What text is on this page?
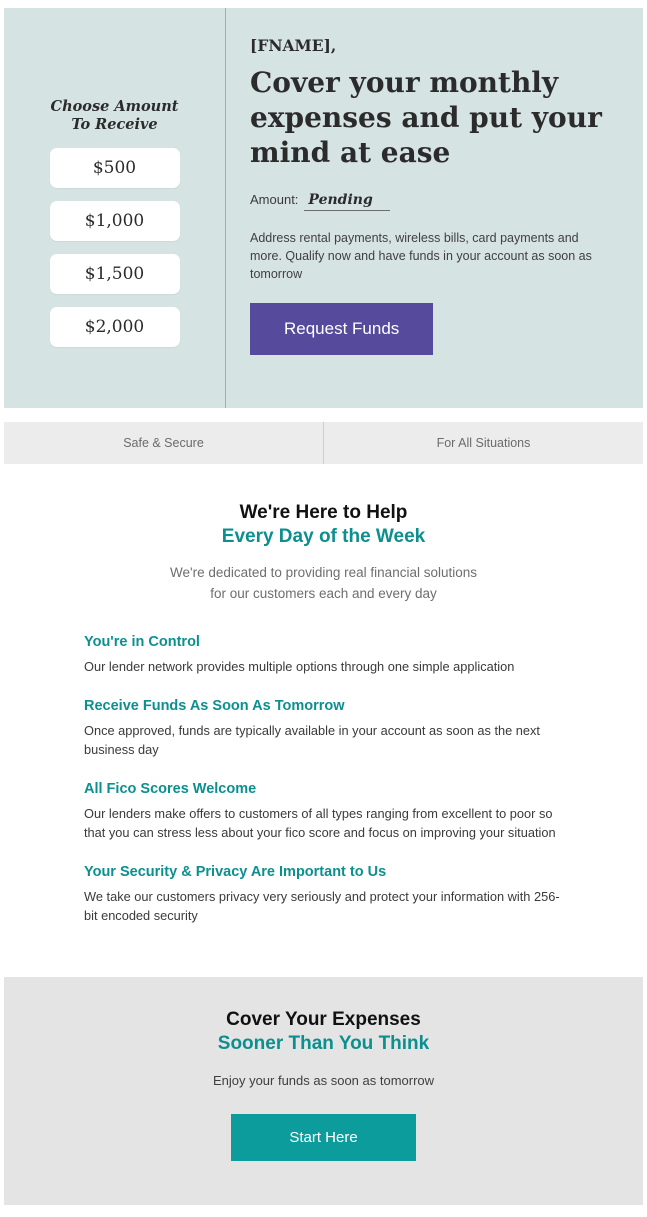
Choose Amount
To Receive
$500
$1,000
$1,500
$2,000
[FNAME],
Cover your monthly expenses and put your mind at ease
Amount: Pending
Address rental payments, wireless bills, card payments and more. Qualify now and have funds in your account as soon as tomorrow
Request Funds
Safe & Secure	For All Situations
We're Here to Help
Every Day of the Week
We're dedicated to providing real financial solutions
for our customers each and every day
You're in Control
Our lender network provides multiple options through one simple application
Receive Funds As Soon As Tomorrow
Once approved, funds are typically available in your account as soon as the next business day
All Fico Scores Welcome
Our lenders make offers to customers of all types ranging from excellent to poor so that you can stress less about your fico score and focus on improving your situation
Your Security & Privacy Are Important to Us
We take our customers privacy very seriously and protect your information with 256-bit encoded security
Cover Your Expenses
Sooner Than You Think
Enjoy your funds as soon as tomorrow
Start Here
